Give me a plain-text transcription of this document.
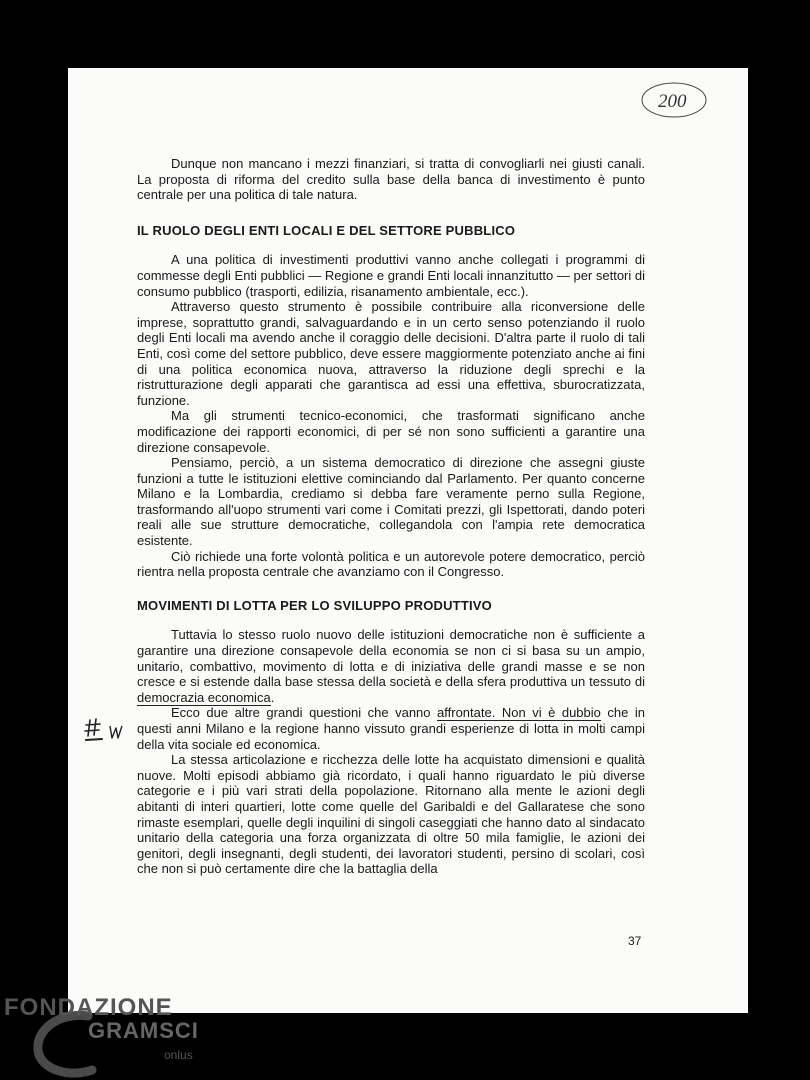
200

Dunque non mancano i mezzi finanziari, si tratta di convogliarli nei giusti canali. La proposta di riforma del credito sulla base della banca di investimento è punto centrale per una politica di tale natura.

IL RUOLO DEGLI ENTI LOCALI E DEL SETTORE PUBBLICO

A una politica di investimenti produttivi vanno anche collegati i programmi di commesse degli Enti pubblici — Regione e grandi Enti locali innanzitutto — per settori di consumo pubblico (trasporti, edilizia, risanamento ambientale, ecc.).

Attraverso questo strumento è possibile contribuire alla riconversione delle imprese, soprattutto grandi, salvaguardando e in un certo senso potenziando il ruolo degli Enti locali ma avendo anche il coraggio delle decisioni. D'altra parte il ruolo di tali Enti, così come del settore pubblico, deve essere maggiormente potenziato anche ai fini di una politica economica nuova, attraverso la riduzione degli sprechi e la ristrutturazione degli apparati che garantisca ad essi una effettiva, sburocratizzata, funzione.

Ma gli strumenti tecnico-economici, che trasformati significano anche modificazione dei rapporti economici, di per sé non sono sufficienti a garantire una direzione consapevole.

Pensiamo, perciò, a un sistema democratico di direzione che assegni giuste funzioni a tutte le istituzioni elettive cominciando dal Parlamento. Per quanto concerne Milano e la Lombardia, crediamo si debba fare veramente perno sulla Regione, trasformando all'uopo strumenti vari come i Comitati prezzi, gli Ispettorati, dando poteri reali alle sue strutture democratiche, collegandola con l'ampia rete democratica esistente.

Ciò richiede una forte volontà politica e un autorevole potere democratico, perciò rientra nella proposta centrale che avanziamo con il Congresso.

MOVIMENTI DI LOTTA PER LO SVILUPPO PRODUTTIVO

Tuttavia lo stesso ruolo nuovo delle istituzioni democratiche non è sufficiente a garantire una direzione consapevole della economia se non ci si basa su un ampio, unitario, combattivo, movimento di lotta e di iniziativa delle grandi masse e se non cresce e si estende dalla base stessa della società e della sfera produttiva un tessuto di democrazia economica.

Ecco due altre grandi questioni che vanno affrontate. Non vi è dubbio che in questi anni Milano e la regione hanno vissuto grandi esperienze di lotta in molti campi della vita sociale ed economica.

La stessa articolazione e ricchezza delle lotte ha acquistato dimensioni e qualità nuove. Molti episodi abbiamo già ricordato, i quali hanno riguardato le più diverse categorie e i più vari strati della popolazione. Ritornano alla mente le azioni degli abitanti di interi quartieri, lotte come quelle del Garibaldi e del Gallaratese che sono rimaste esemplari, quelle degli inquilini di singoli caseggiati che hanno dato al sindacato unitario della categoria una forza organizzata di oltre 50 mila famiglie, le azioni dei genitori, degli insegnanti, degli studenti, dei lavoratori studenti, persino di scolari, così che non si può certamente dire che la battaglia della

37
FONDAZIONE
GRAMSCI
onlus
